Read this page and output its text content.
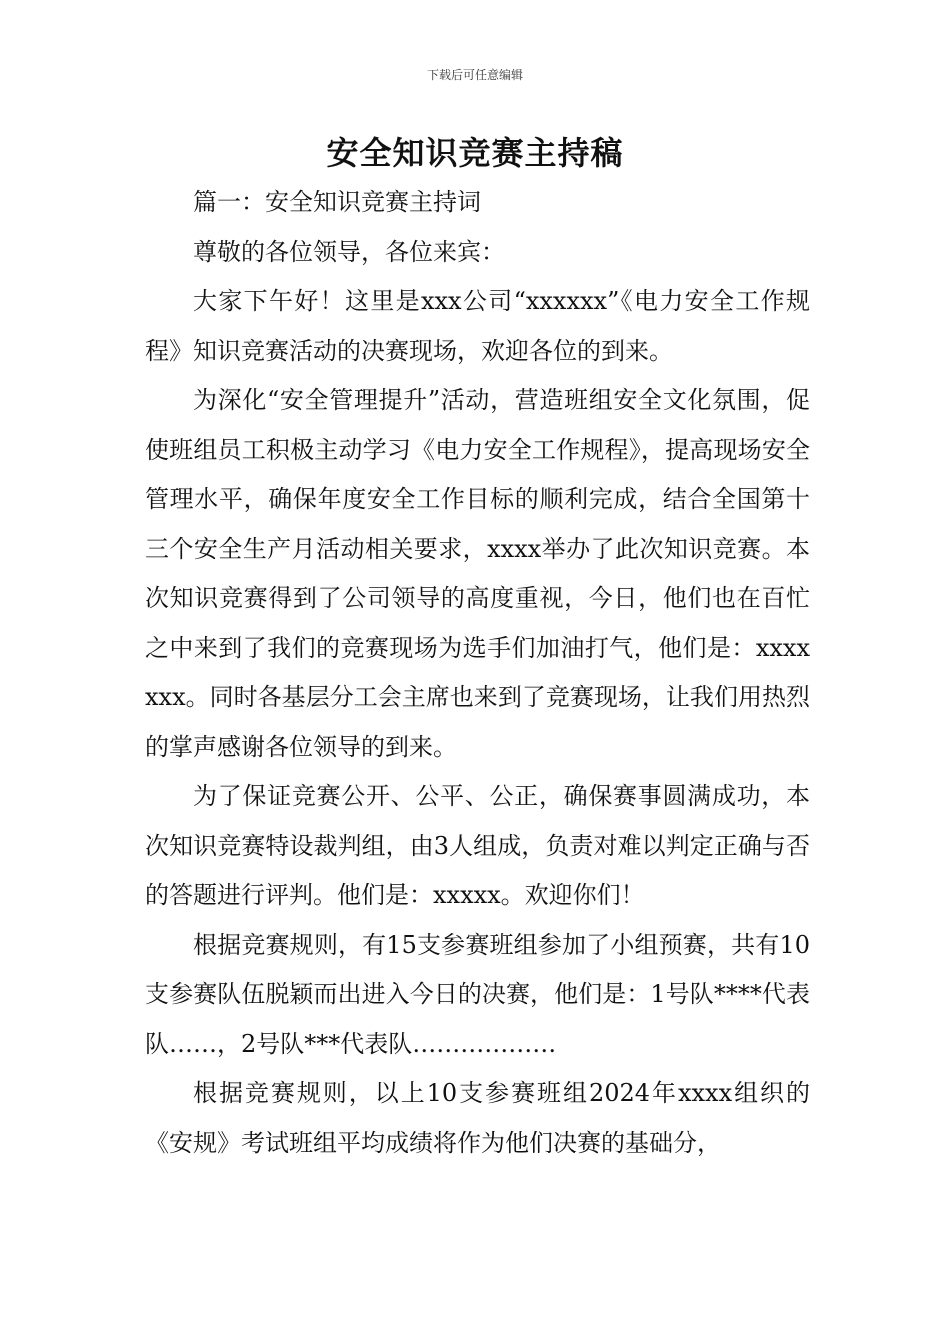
下载后可任意编辑
安全知识竞赛主持稿

篇一：安全知识竞赛主持词

尊敬的各位领导，各位来宾：

大家下午好！这里是xxx公司“xxxxxx”《电力安全工作规程》知识竞赛活动的决赛现场，欢迎各位的到来。

为深化“安全管理提升”活动，营造班组安全文化氛围，促使班组员工积极主动学习《电力安全工作规程》，提高现场安全管理水平，确保年度安全工作目标的顺利完成，结合全国第十三个安全生产月活动相关要求，xxxx举办了此次知识竞赛。本次知识竞赛得到了公司领导的高度重视，今日，他们也在百忙之中来到了我们的竞赛现场为选手们加油打气，他们是：xxxxxxx。同时各基层分工会主席也来到了竞赛现场，让我们用热烈的掌声感谢各位领导的到来。

为了保证竞赛公开、公平、公正，确保赛事圆满成功，本次知识竞赛特设裁判组，由3人组成，负责对难以判定正确与否的答题进行评判。他们是：xxxxx。欢迎你们！

根据竞赛规则，有15支参赛班组参加了小组预赛，共有10支参赛队伍脱颖而出进入今日的决赛，他们是：1号队****代表队……，2号队***代表队………………

根据竞赛规则，以上10支参赛班组2024年xxxx组织的《安规》考试班组平均成绩将作为他们决赛的基础分，
